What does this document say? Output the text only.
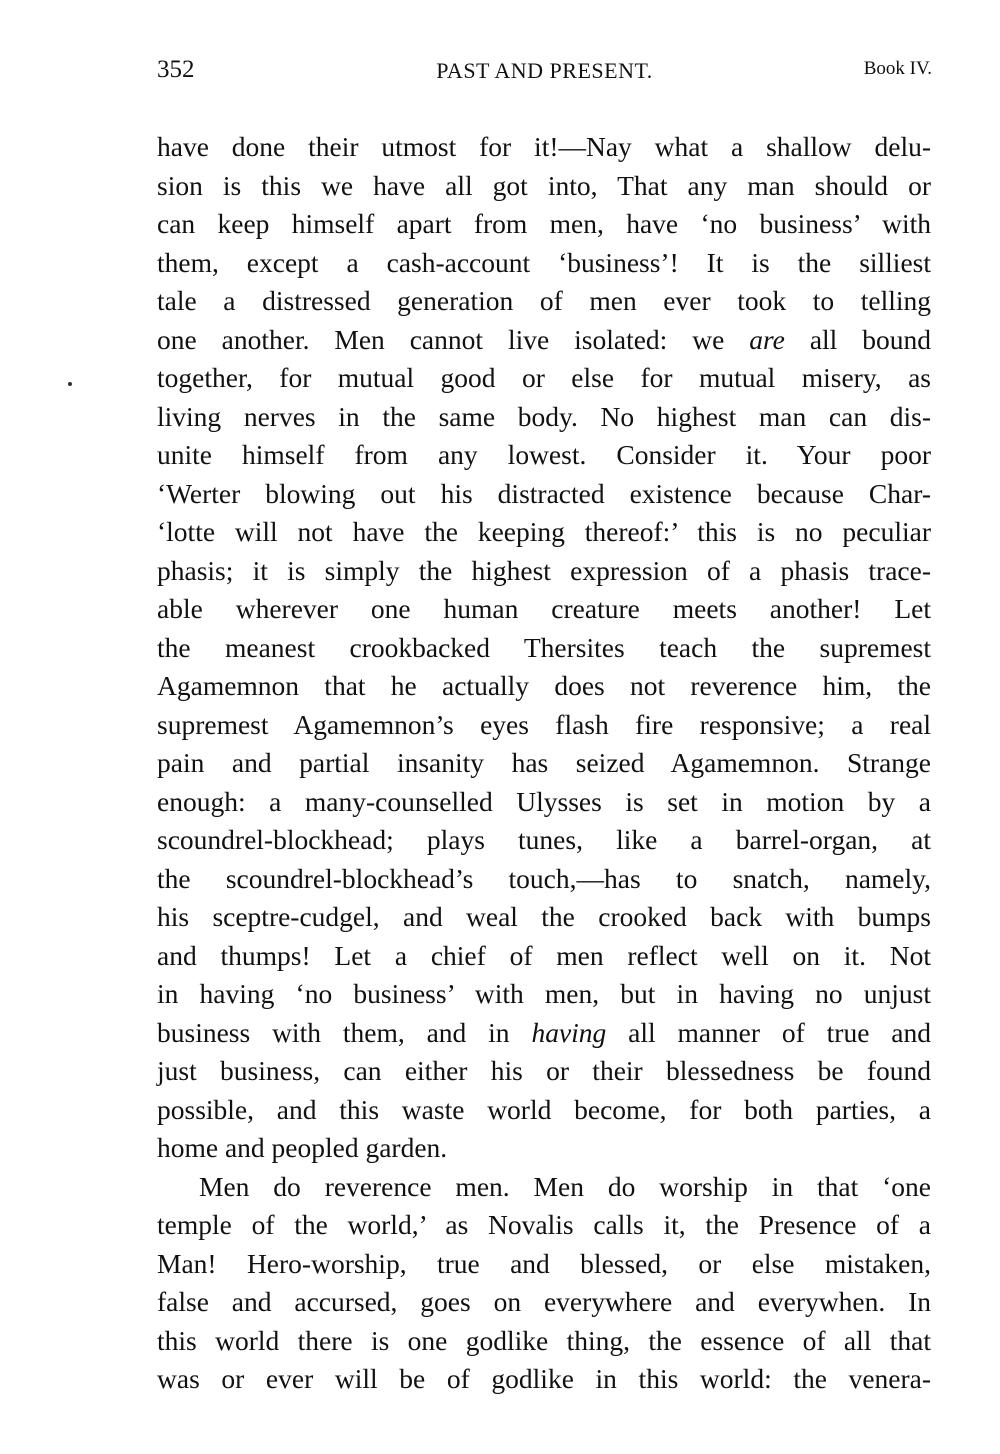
352	PAST AND PRESENT.	Book IV.
have done their utmost for it!—Nay what a shallow delu-
sion is this we have all got into, That any man should or
can keep himself apart from men, have ‘no business’ with
them, except a cash-account ‘business’! It is the silliest
tale a distressed generation of men ever took to telling
one another. Men cannot live isolated: we are all bound
together, for mutual good or else for mutual misery, as
living nerves in the same body. No highest man can dis-
unite himself from any lowest. Consider it. Your poor
‘Werter blowing out his distracted existence because Char-
‘lotte will not have the keeping thereof:’ this is no peculiar
phasis; it is simply the highest expression of a phasis trace-
able wherever one human creature meets another! Let
the meanest crookbacked Thersites teach the supremest
Agamemnon that he actually does not reverence him, the
supremest Agamemnon’s eyes flash fire responsive; a real
pain and partial insanity has seized Agamemnon. Strange
enough: a many-counselled Ulysses is set in motion by a
scoundrel-blockhead; plays tunes, like a barrel-organ, at
the scoundrel-blockhead’s touch,—has to snatch, namely,
his sceptre-cudgel, and weal the crooked back with bumps
and thumps! Let a chief of men reflect well on it. Not
in having ‘no business’ with men, but in having no unjust
business with them, and in having all manner of true and
just business, can either his or their blessedness be found
possible, and this waste world become, for both parties, a
home and peopled garden.
Men do reverence men. Men do worship in that ‘one
temple of the world,’ as Novalis calls it, the Presence of a
Man! Hero-worship, true and blessed, or else mistaken,
false and accursed, goes on everywhere and everywhen. In
this world there is one godlike thing, the essence of all that
was or ever will be of godlike in this world: the venera-
